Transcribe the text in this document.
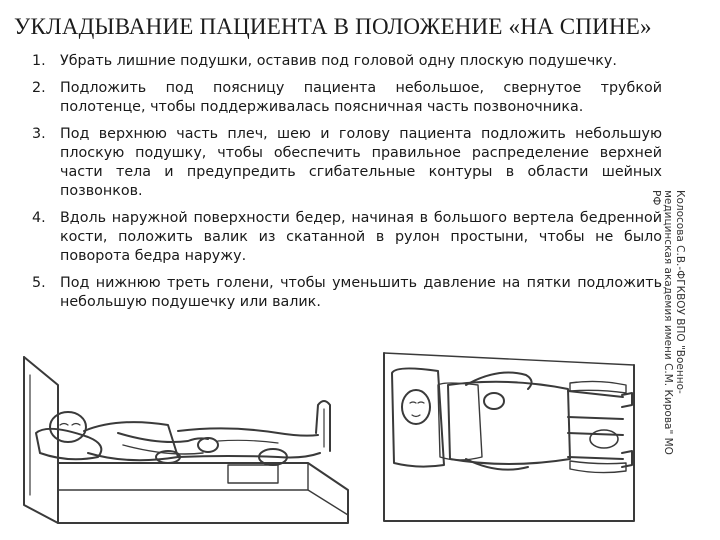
УКЛАДЫВАНИЕ ПАЦИЕНТА В ПОЛОЖЕНИЕ «НА СПИНЕ»
1. Убрать лишние подушки, оставив под головой одну плоскую подушечку.
2. Подложить под поясницу пациента небольшое, свернутое трубкой полотенце, чтобы поддерживалась поясничная часть позвоночника.
3. Под верхнюю часть плеч, шею и голову пациента подложить небольшую плоскую подушку, чтобы обеспечить правильное распределение верхней части тела и предупредить сгибательные контуры в области шейных позвонков.
4. Вдоль наружной поверхности бедер, начиная в большого вертела бедренной кости, положить валик из скатанной в рулон простыни, чтобы не было поворота бедра наружу.
5. Под нижнюю треть голени, чтобы уменьшить давление на пятки подложить небольшую подушечку или валик.	Колосова С.В.-ФГКВОУ ВПО "Военно-
медицинская академия имени С.М. Кирова" МО
РФ
